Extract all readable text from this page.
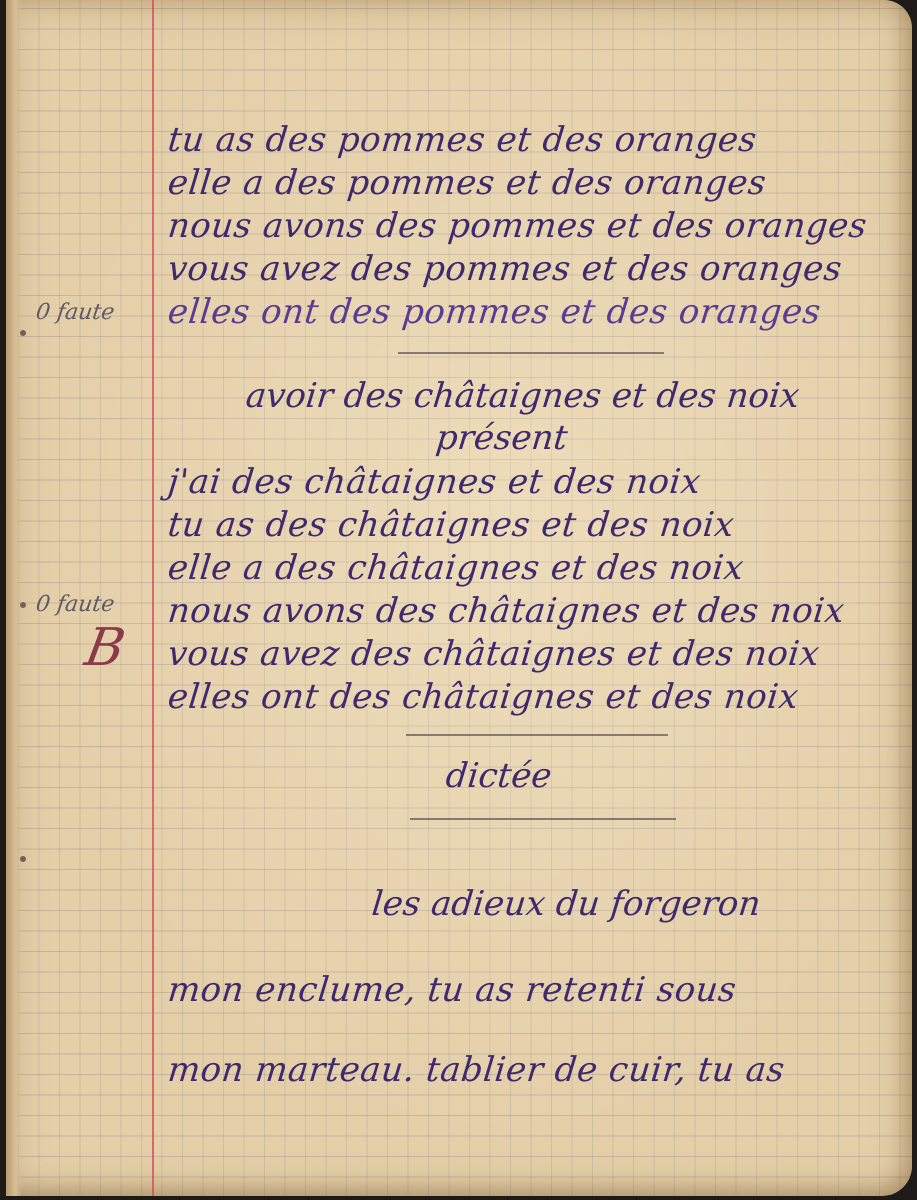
tu as des pommes et des oranges
elle a des pommes et des oranges
nous avons des pommes et des oranges
vous avez des pommes et des oranges
elles ont des pommes et des oranges
0 faute
avoir des châtaignes et des noix
présent
j'ai des châtaignes et des noix
tu as des châtaignes et des noix
elle a des châtaignes et des noix
nous avons des châtaignes et des noix
vous avez des châtaignes et des noix
elles ont des châtaignes et des noix
0 faute
B
dictée
les adieux du forgeron
mon enclume, tu as retenti sous
mon marteau. tablier de cuir, tu as
